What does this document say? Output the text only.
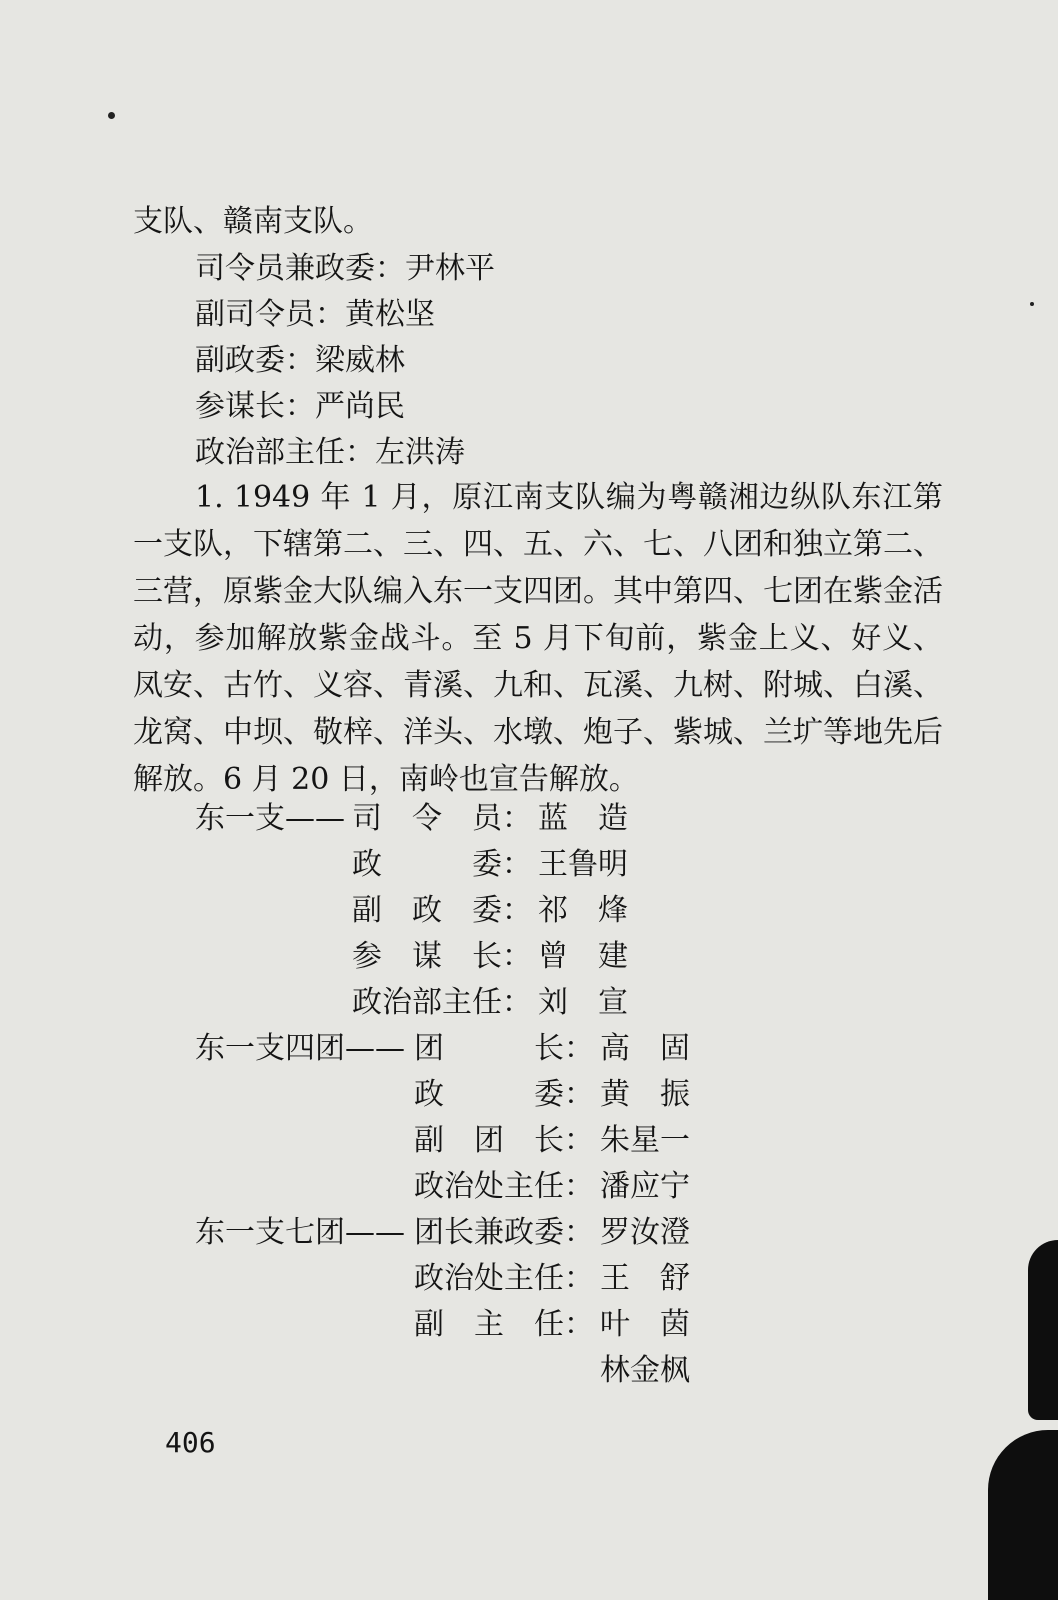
支队、赣南支队。
司令员兼政委：尹林平
副司令员：黄松坚
副政委：梁威林
参谋长：严尚民
政治部主任：左洪涛
1. 1949 年 1 月，原江南支队编为粤赣湘边纵队东江第一支队，下辖第二、三、四、五、六、七、八团和独立第二、三营，原紫金大队编入东一支四团。其中第四、七团在紫金活动，参加解放紫金战斗。至 5 月下旬前，紫金上义、好义、凤安、古竹、义容、青溪、九和、瓦溪、九树、附城、白溪、龙窝、中坝、敬梓、洋头、水墩、炮子、紫城、兰圹等地先后解放。6 月 20 日，南岭也宣告解放。
东一支—— 司　令　员： 蓝　造
政　　　委： 王鲁明
副　政　委： 祁　烽
参　谋　长： 曾　建
政治部主任： 刘　宣
东一支四团—— 团　　　长： 高　固
政　　　委： 黄　振
副　团　长： 朱星一
政治处主任： 潘应宁
东一支七团—— 团长兼政委： 罗汝澄
政治处主任： 王　舒
副　主　任： 叶　茵
林金枫
406
